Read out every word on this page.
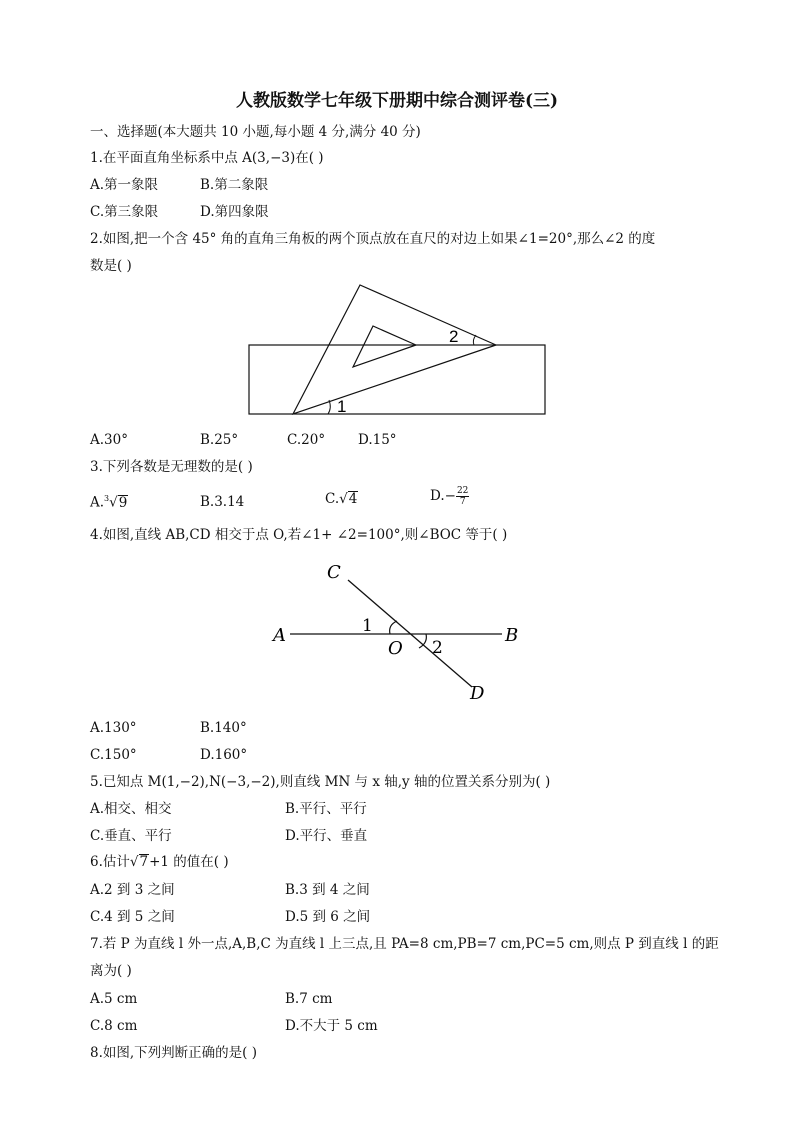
人教版数学七年级下册期中综合测评卷(三)
一、选择题(本大题共 10 小题,每小题 4 分,满分 40 分)
1.在平面直角坐标系中点 A(3,−3)在( )
A.第一象限	B.第二象限
C.第三象限	D.第四象限
2.如图,把一个含 45° 角的直角三角板的两个顶点放在直尺的对边上如果∠1=20°,那么∠2 的度
数是( )
1
2
A.30°	B.25°	C.20° D.15°
3.下列各数是无理数的是( )
A.$^3$√9	B.3.14	C.√4	$D.- \frac{22}{7}$
4.如图,直线 AB,CD 相交于点 O,若∠1+ ∠2=100°,则∠BOC 等于( )
A	B
C
D
O
1
2
A.130°	B.140°
C.150°	D.160°
5.已知点 M(1,−2),N(−3,−2),则直线 MN 与 x 轴,y 轴的位置关系分别为( )
A.相交、相交	B.平行、平行
C.垂直、平行	D.平行、垂直
6.估计√7+1 的值在( )
A.2 到 3 之间	B.3 到 4 之间
C.4 到 5 之间	D.5 到 6 之间
7.若 P 为直线 l 外一点,A,B,C 为直线 l 上三点,且 PA=8 cm,PB=7 cm,PC=5 cm,则点 P 到直线 l 的距
离为( )
A.5 cm	B.7 cm
C.8 cm	D.不大于 5 cm
8.如图,下列判断正确的是( )
